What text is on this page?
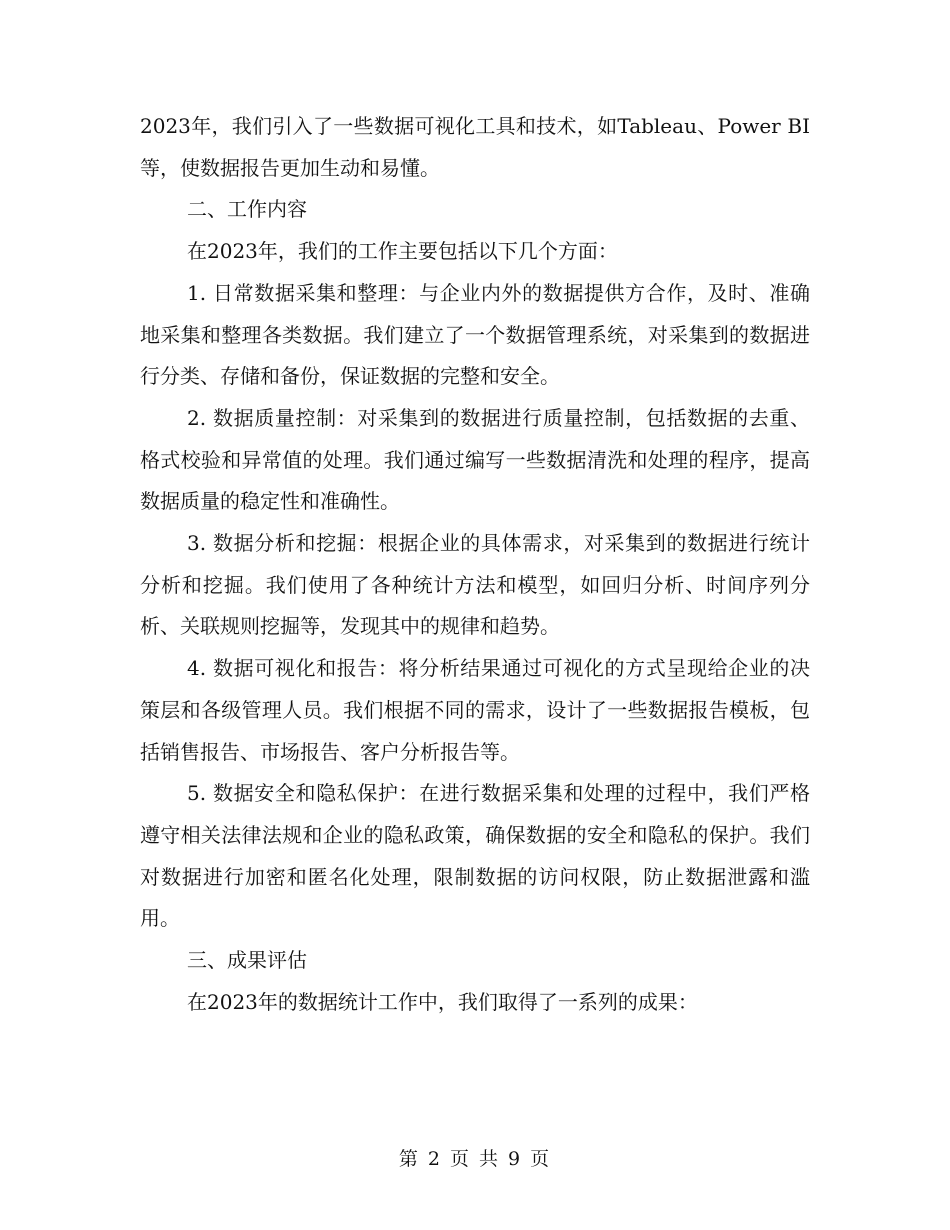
2023年，我们引入了一些数据可视化工具和技术，如Tableau、Power BI等，使数据报告更加生动和易懂。

二、工作内容

在2023年，我们的工作主要包括以下几个方面：

1. 日常数据采集和整理：与企业内外的数据提供方合作，及时、准确地采集和整理各类数据。我们建立了一个数据管理系统，对采集到的数据进行分类、存储和备份，保证数据的完整和安全。

2. 数据质量控制：对采集到的数据进行质量控制，包括数据的去重、格式校验和异常值的处理。我们通过编写一些数据清洗和处理的程序，提高数据质量的稳定性和准确性。

3. 数据分析和挖掘：根据企业的具体需求，对采集到的数据进行统计分析和挖掘。我们使用了各种统计方法和模型，如回归分析、时间序列分析、关联规则挖掘等，发现其中的规律和趋势。

4. 数据可视化和报告：将分析结果通过可视化的方式呈现给企业的决策层和各级管理人员。我们根据不同的需求，设计了一些数据报告模板，包括销售报告、市场报告、客户分析报告等。

5. 数据安全和隐私保护：在进行数据采集和处理的过程中，我们严格遵守相关法律法规和企业的隐私政策，确保数据的安全和隐私的保护。我们对数据进行加密和匿名化处理，限制数据的访问权限，防止数据泄露和滥用。

三、成果评估

在2023年的数据统计工作中，我们取得了一系列的成果：

第 2 页 共 9 页
